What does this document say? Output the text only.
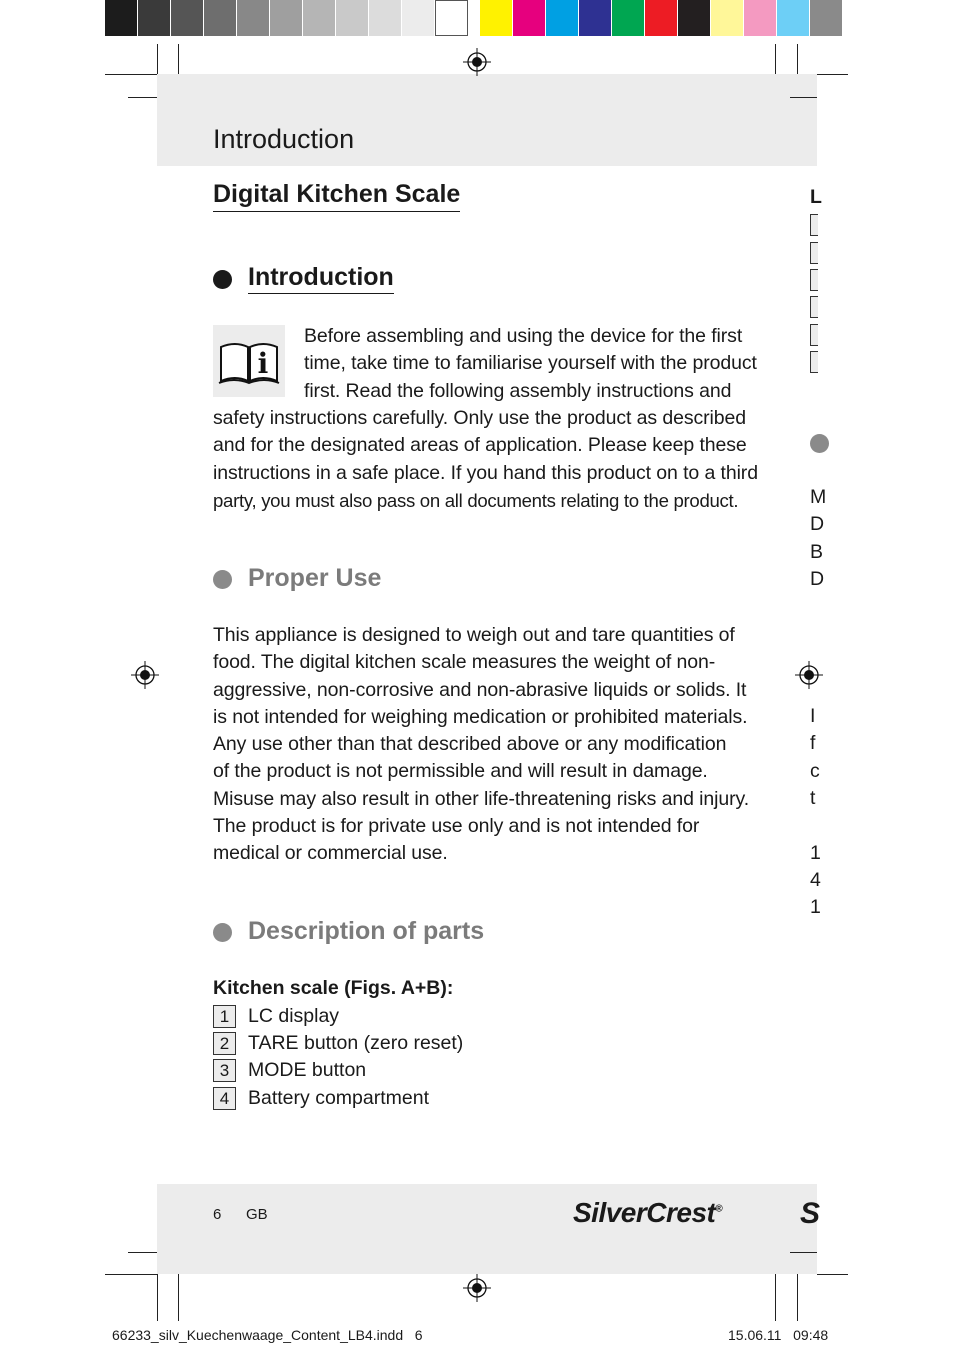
Introduction
Digital Kitchen Scale
Introduction
i
Before assembling and using the device for the first
time, take time to familiarise yourself with the product
first. Read the following assembly instructions and
safety instructions carefully. Only use the product as described
and for the designated areas of application. Please keep these
instructions in a safe place. If you hand this product on to a third
party, you must also pass on all documents relating to the product.
Proper Use
This appliance is designed to weigh out and tare quantities of
food. The digital kitchen scale measures the weight of non-
aggressive, non-corrosive and non-abrasive liquids or solids. It
is not intended for weighing medication or prohibited materials.
Any use other than that described above or any modification
of the product is not permissible and will result in damage.
Misuse may also result in other life-threatening risks and injury.
The product is for private use only and is not intended for
medical or commercial use.
Description of parts
Kitchen scale (Figs. A+B):
1 LC display
2 TARE button (zero reset)
3 MODE button
4 Battery compartment
L
M
D
B
D
I
f
c
t
1
4
1
6 GB	SilverCrest®	S
66233_silv_Kuechenwaage_Content_LB4.indd   6	15.06.11   09:48
